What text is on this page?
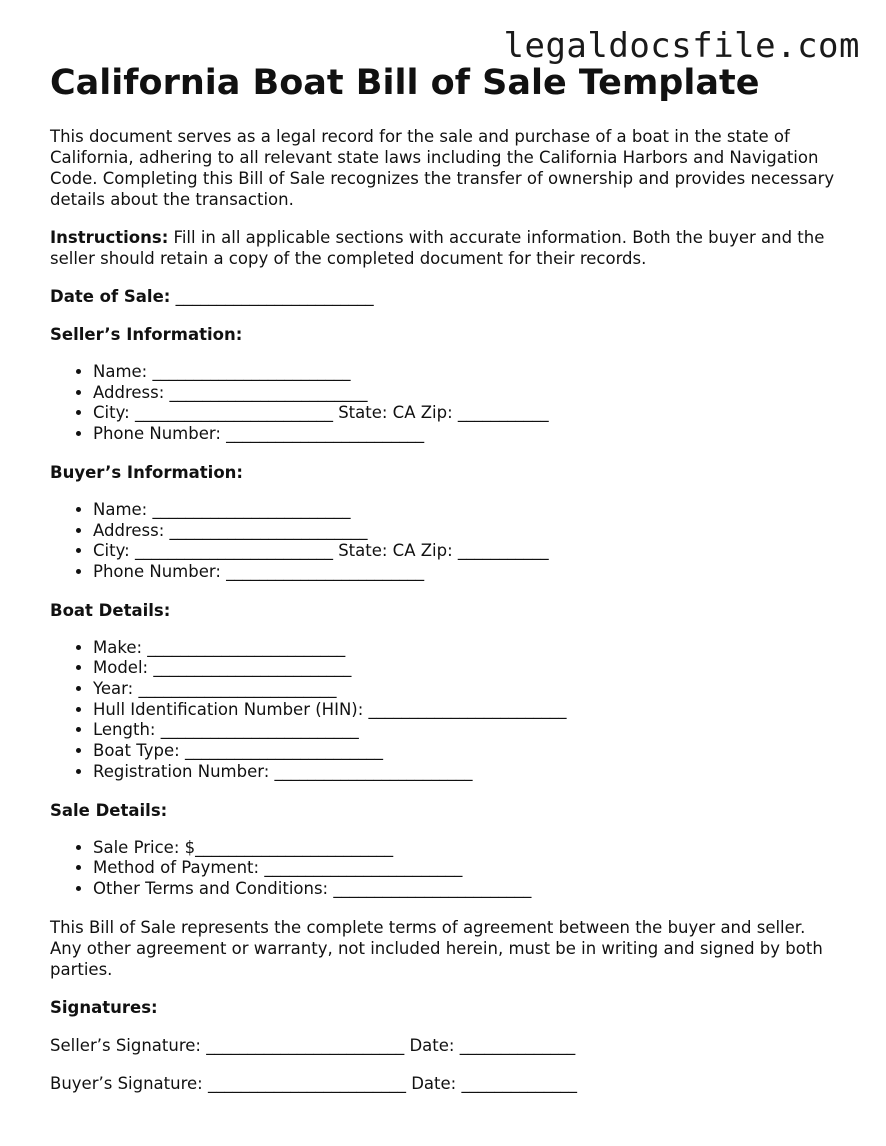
legaldocsfile.com
California Boat Bill of Sale Template

This document serves as a legal record for the sale and purchase of a boat in the state of California, adhering to all relevant state laws including the California Harbors and Navigation Code. Completing this Bill of Sale recognizes the transfer of ownership and provides necessary details about the transaction.

Instructions: Fill in all applicable sections with accurate information. Both the buyer and the seller should retain a copy of the completed document for their records.

Date of Sale: ________________________

Seller’s Information:

• Name: ________________________
• Address: ________________________
• City: ________________________ State: CA Zip: ___________
• Phone Number: ________________________

Buyer’s Information:

• Name: ________________________
• Address: ________________________
• City: ________________________ State: CA Zip: ___________
• Phone Number: ________________________

Boat Details:

• Make: ________________________
• Model: ________________________
• Year: ________________________
• Hull Identification Number (HIN): ________________________
• Length: ________________________
• Boat Type: ________________________
• Registration Number: ________________________

Sale Details:

• Sale Price: $________________________
• Method of Payment: ________________________
• Other Terms and Conditions: ________________________

This Bill of Sale represents the complete terms of agreement between the buyer and seller. Any other agreement or warranty, not included herein, must be in writing and signed by both parties.

Signatures:

Seller’s Signature: ________________________ Date: ______________

Buyer’s Signature: ________________________ Date: ______________
